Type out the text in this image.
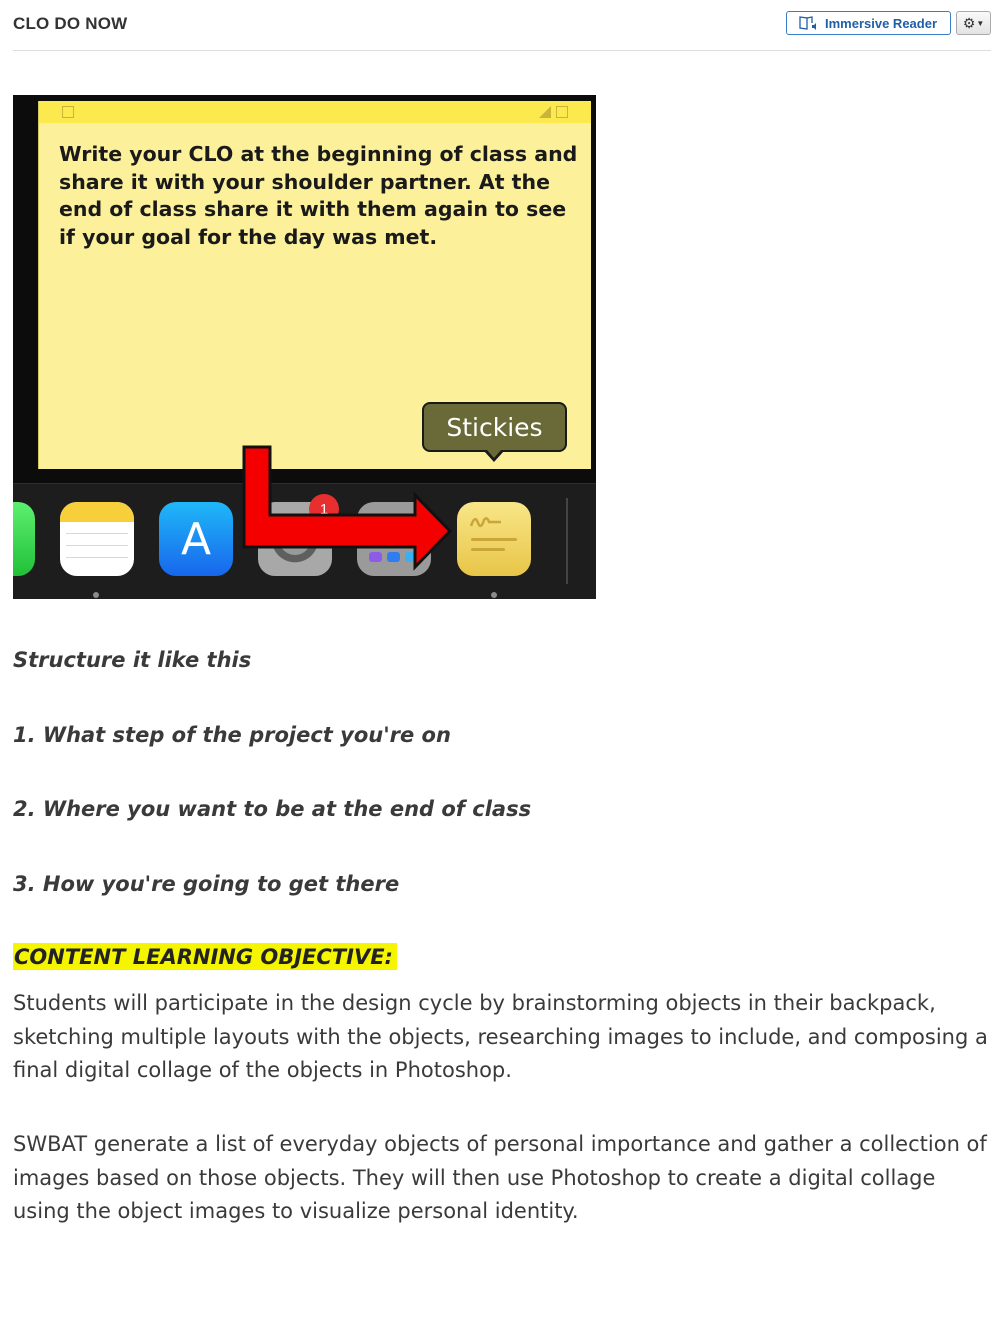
CLO DO NOW	Immersive Reader ⚙ ▼
Write your CLO at the beginning of class and share it with your shoulder partner. At the end of class share it with them again to see if your goal for the day was met.
Stickies
A
1
Structure it like this
1. What step of the project you're on
2. Where you want to be at the end of class
3. How you're going to get there
CONTENT LEARNING OBJECTIVE:
Students will participate in the design cycle by brainstorming objects in their backpack, sketching multiple layouts with the objects, researching images to include, and composing a final digital collage of the objects in Photoshop.
SWBAT generate a list of everyday objects of personal importance and gather a collection of images based on those objects. They will then use Photoshop to create a digital collage using the object images to visualize personal identity.
